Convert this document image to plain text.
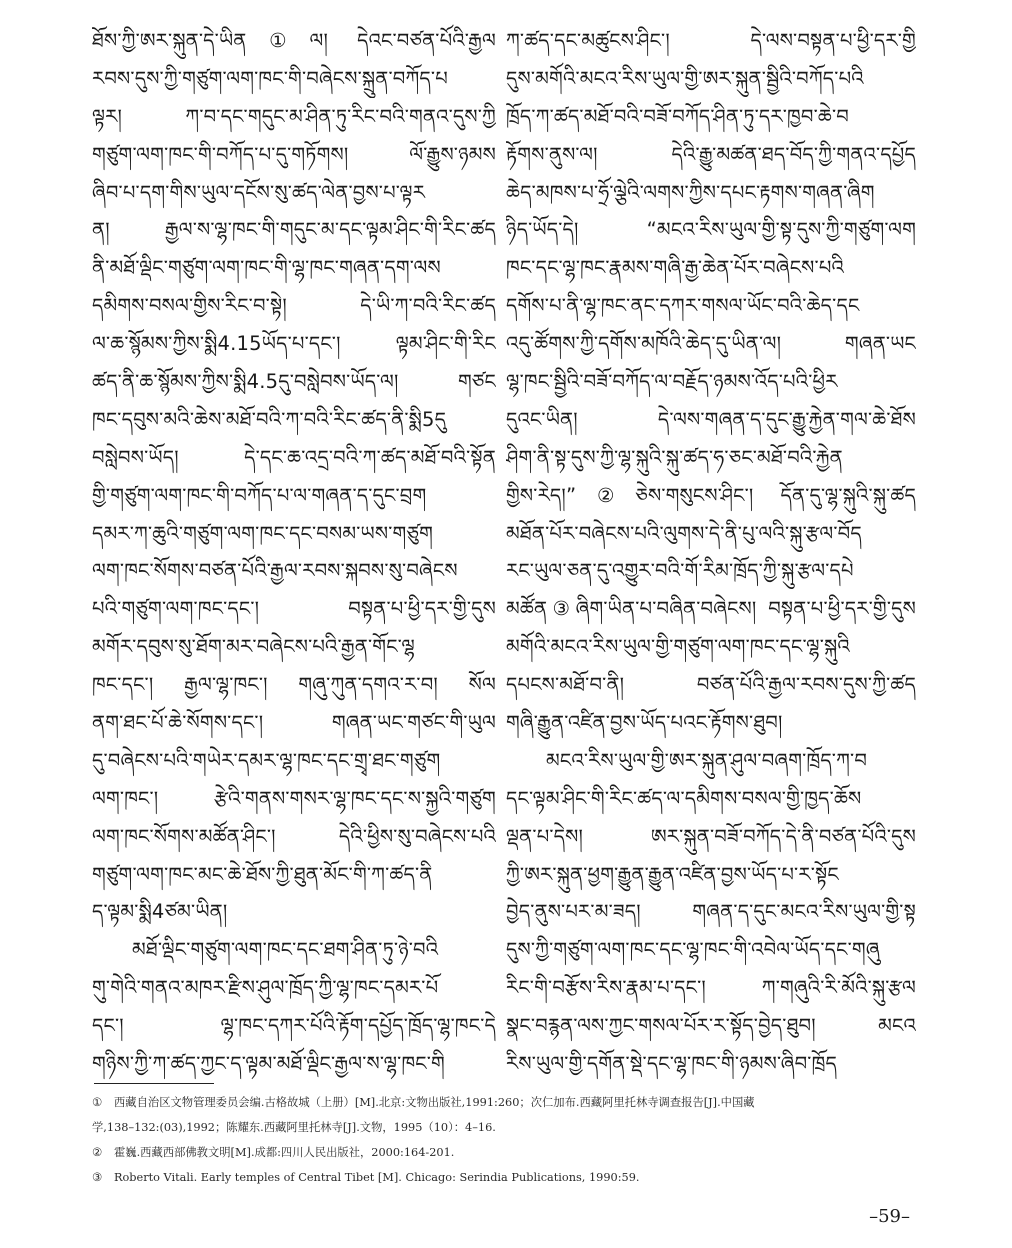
ཐོས་ཀྱི་ཨར་སྐུན་དེ་ཡིན①ལ། དེའང་བཙན་པོའི་རྒྱལ
རབས་དུས་ཀྱི་གཙུག་ལག་ཁང་གི་བཞེངས་སྐྲུན་བཀོད་པ
ལྟར། ཀ་བ་དང་གདུང་མ་ཤིན་ཏུ་རིང་བའི་གནའ་དུས་ཀྱི
གཙུག་ལག་ཁང་གི་བཀོད་པ་དུ་གཏོགས། ལོ་རྒྱུས་ཉམས
ཞིབ་པ་དག་གིས་ཡུལ་དངོས་སུ་ཚད་ལེན་བྱས་པ་ལྟར
ན། རྒྱལ་ས་ལྷ་ཁང་གི་གདུང་མ་དང་ལྟམ་ཤིང་གི་རིང་ཚད
ནི་མཐོ་ལྡིང་གཙུག་ལག་ཁང་གི་ལྷ་ཁང་གཞན་དག་ལས
དམིགས་བསལ་གྱིས་རིང་བ་སྟེ། དེ་ཡི་ཀ་བའི་རིང་ཚད
ལ་ཆ་སྙོམས་ཀྱིས་སྨི4.15ཡོད་པ་དང་། ལྟམ་ཤིང་གི་རིང
ཚད་ནི་ཆ་སྙོམས་ཀྱིས་སྨི4.5དུ་བསླེབས་ཡོད་ལ། གཙང
ཁང་དབུས་མའི་ཆེས་མཐོ་བའི་ཀ་བའི་རིང་ཚད་ནི་སྨི5དུ
བསླེབས་ཡོད། དེ་དང་ཆ་འདྲ་བའི་ཀ་ཚད་མཐོ་བའི་སྟོན
གྱི་གཙུག་ལག་ཁང་གི་བཀོད་པ་ལ་གཞན་ད་དུང་བྲག
དམར་ཀ་ཆུའི་གཙུག་ལག་ཁང་དང་བསམ་ཡས་གཙུག
ལག་ཁང་སོགས་བཙན་པོའི་རྒྱལ་རབས་སྐབས་སུ་བཞེངས
པའི་གཙུག་ལག་ཁང་དང་། བསྟན་པ་ཕྱི་དར་གྱི་དུས
མགོར་དབུས་སུ་ཐོག་མར་བཞེངས་པའི་རྒྱན་གོང་ལྷ
ཁང་དང་། རྒྱལ་ལྷ་ཁང་། གཞུ་ཀུན་དགའ་ར་བ། སོལ
ནག་ཐང་པོ་ཆེ་སོགས་དང་། གཞན་ཡང་གཙང་གི་ཡུལ
དུ་བཞེངས་པའི་གཡེར་དམར་ལྷ་ཁང་དང་གྲྭ་ཐང་གཙུག
ལག་ཁང་། རྩེའི་གནས་གསར་ལྷ་ཁང་དང་ས་སྐྱའི་གཙུག
ལག་ཁང་སོགས་མཚོན་ཤིང་། དེའི་ཕྱིས་སུ་བཞེངས་པའི
གཙུག་ལག་ཁང་མང་ཆེ་ཐོས་ཀྱི་ཐུན་མོང་གི་ཀ་ཚད་ནི
ད་ལྟམ་སྨི4ཙམ་ཡིན།
མཐོ་ལྡིང་གཙུག་ལག་ཁང་དང་ཐག་ཤིན་ཏུ་ཉེ་བའི
གུ་གེའི་གནའ་མཁར་རྫིས་ཤུལ་ཁྲོད་ཀྱི་ལྷ་ཁང་དམར་པོ
དང་། ལྷ་ཁང་དཀར་པོའི་རྟོག་དཔྱོད་ཁྲོད་ལྷ་ཁང་དེ
གཉིས་ཀྱི་ཀ་ཚད་ཀྱང་ད་ལྟམ་མཐོ་ལྡིང་རྒྱལ་ས་ལྷ་ཁང་གི
ཀ་ཚད་དང་མཚུངས་ཤིང་། དེ་ལས་བསྟན་པ་ཕྱི་དར་གྱི
དུས་མགོའི་མངའ་རིས་ཡུལ་གྱི་ཨར་སྐུན་སྦྱིའི་བཀོད་པའི
ཁྲོད་ཀ་ཚད་མཐོ་བའི་བཟོ་བཀོད་ཤིན་ཏུ་དར་ཁྱབ་ཆེ་བ
རྟོགས་ནུས་ལ། དེའི་རྒྱུ་མཚན་ཐད་བོད་ཀྱི་གནའ་དཔྱོད
ཆེད་མཁས་པ་ཧྲོ་ལྕེའི་ལགས་ཀྱིས་དཔང་རྟགས་གཞན་ཞིག
ཉིད་ཡོད་དེ། “མངའ་རིས་ཡུལ་གྱི་སྟ་དུས་ཀྱི་གཙུག་ལག
ཁང་དང་ལྷ་ཁང་རྣམས་གཞི་རྒྱ་ཆེན་པོར་བཞེངས་པའི
དགོས་པ་ནི་ལྷ་ཁང་ནང་དཀར་གསལ་ཡོང་བའི་ཆེད་དང
འདུ་ཚོགས་ཀྱི་དགོས་མཁོའི་ཆེད་དུ་ཡིན་ལ། གཞན་ཡང
ལྷ་ཁང་སྦྱིའི་བཟོ་བཀོད་ལ་བརྗོད་ཉམས་འོད་པའི་ཕྱིར
དུའང་ཡིན། དེ་ལས་གཞན་ད་དུང་རྒྱུ་རྐྱེན་གལ་ཆེ་ཐོས
ཤིག་ནི་སྟ་དུས་ཀྱི་ལྷ་སྐུའི་སྐུ་ཚད་ཧ་ཅང་མཐོ་བའི་རྐྱེན
གྱིས་རེད།”②ཅེས་གསུངས་ཤིང་། དོན་དུ་ལྷ་སྐུའི་སྐུ་ཚད
མཐོན་པོར་བཞེངས་པའི་ལུགས་དེ་ནི་པུ་ལའི་སྐུ་རྩལ་བོད
རང་ཡུལ་ཅན་དུ་འགྱུར་བའི་གོ་རིམ་ཁྲོད་ཀྱི་སྐུ་རྩལ་དཔེ
མཚོན③ཞིག་ཡིན་པ་བཞིན་བཞེངས། བསྟན་པ་ཕྱི་དར་གྱི་དུས
མགོའི་མངའ་རིས་ཡུལ་གྱི་གཙུག་ལག་ཁང་དང་ལྷ་སྐུའི
དཔངས་མཐོ་བ་ནི། བཙན་པོའི་རྒྱལ་རབས་དུས་ཀྱི་ཚད
གཞི་རྒྱུན་འཛིན་བྱས་ཡོད་པའང་རྟོགས་ཐུབ།
མངའ་རིས་ཡུལ་གྱི་ཨར་སྐུན་ཤུལ་བཞག་ཁྲོད་ཀ་བ
དང་ལྟམ་ཤིང་གི་རིང་ཚད་ལ་དམིགས་བསལ་གྱི་ཁྱད་ཆོས
ལྡན་པ་དེས། ཨར་སྐུན་བཟོ་བཀོད་དེ་ནི་བཙན་པོའི་དུས
ཀྱི་ཨར་སྐུན་ཕྱག་རྒྱུན་རྒྱུན་འཛིན་བྱས་ཡོད་པ་ར་སྟོང
བྱེད་ནུས་པར་མ་ཟད། གཞན་ད་དུང་མངའ་རིས་ཡུལ་གྱི་སྟ
དུས་ཀྱི་གཙུག་ལག་ཁང་དང་ལྷ་ཁང་གི་འབེལ་ཡོད་དང་གཞུ
རིང་གི་བརྩོས་རིས་རྣམ་པ་དང་། ཀ་གཞུའི་རི་མོའི་སྐུ་རྩལ
སྣང་བརྙན་ལས་ཀྱང་གསལ་པོར་ར་སྟོད་བྱེད་ཐུབ། མངའ
རིས་ཡུལ་གྱི་དགོན་སྡེ་དང་ལྷ་ཁང་གི་ཉམས་ཞིབ་ཁྲོད
① 西藏自治区文物管理委员会编.古格故城（上册）[M].北京:文物出版社,1991:260；次仁加布.西藏阿里托林寺调查报告[J].中国藏
学,138–132:(03),1992；陈耀东.西藏阿里托林寺[J].文物，1995（10）：4–16.
② 霍巍.西藏西部佛教文明[M].成都:四川人民出版社，2000:164-201.
③ Roberto Vitali. Early temples of Central Tibet [M]. Chicago: Serindia Publications, 1990:59.
–59–
